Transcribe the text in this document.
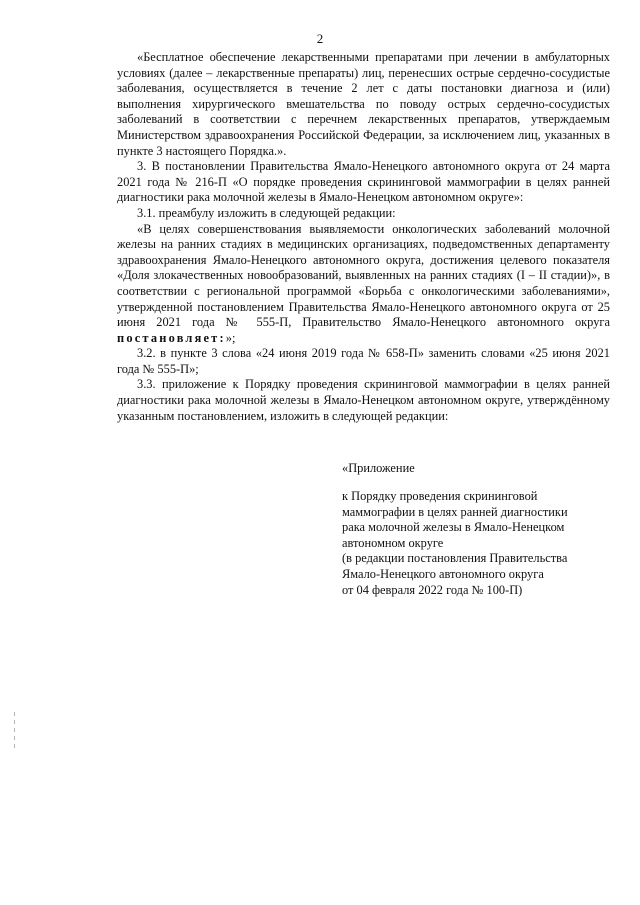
2

«Бесплатное обеспечение лекарственными препаратами при лечении в амбулаторных условиях (далее – лекарственные препараты) лиц, перенесших острые сердечно-сосудистые заболевания, осуществляется в течение 2 лет с даты постановки диагноза и (или) выполнения хирургического вмешательства по поводу острых сердечно-сосудистых заболеваний в соответствии с перечнем лекарственных препаратов, утверждаемым Министерством здравоохранения Российской Федерации, за исключением лиц, указанных в пункте 3 настоящего Порядка.».

3. В постановлении Правительства Ямало-Ненецкого автономного округа от 24 марта 2021 года № 216-П «О порядке проведения скрининговой маммографии в целях ранней диагностики рака молочной железы в Ямало-Ненецком автономном округе»:

3.1. преамбулу изложить в следующей редакции:

«В целях совершенствования выявляемости онкологических заболеваний молочной железы на ранних стадиях в медицинских организациях, подведомственных департаменту здравоохранения Ямало-Ненецкого автономного округа, достижения целевого показателя «Доля злокачественных новообразований, выявленных на ранних стадиях (I – II стадии)», в соответствии с региональной программой «Борьба с онкологическими заболеваниями», утвержденной постановлением Правительства Ямало-Ненецкого автономного округа от 25 июня 2021 года № 555-П, Правительство Ямало-Ненецкого автономного округа постановляет:»;

3.2. в пункте 3 слова «24 июня 2019 года № 658-П» заменить словами «25 июня 2021 года № 555-П»;

3.3. приложение к Порядку проведения скрининговой маммографии в целях ранней диагностики рака молочной железы в Ямало-Ненецком автономном округе, утверждённому указанным постановлением, изложить в следующей редакции:

«Приложение

к Порядку проведения скрининговой

маммографии в целях ранней диагностики

рака молочной железы в Ямало-Ненецком

автономном округе

(в редакции постановления Правительства

Ямало-Ненецкого автономного округа

от 04 февраля 2022 года № 100-П)
